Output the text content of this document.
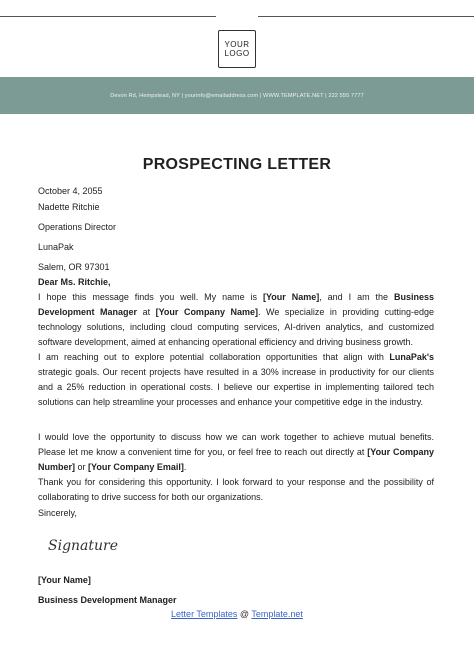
YOUR
LOGO
Devon Rd, Hempstead, NY | yourinfo@emailaddress.com | WWW.TEMPLATE.NET | 222 555 7777
PROSPECTING LETTER
October 4, 2055
Nadette Ritchie
Operations Director
LunaPak
Salem, OR 97301
Dear Ms. Ritchie,
I hope this message finds you well. My name is [Your Name], and I am the Business Development Manager at [Your Company Name]. We specialize in providing cutting-edge technology solutions, including cloud computing services, AI-driven analytics, and customized software development, aimed at enhancing operational efficiency and driving business growth.
I am reaching out to explore potential collaboration opportunities that align with LunaPak's strategic goals. Our recent projects have resulted in a 30% increase in productivity for our clients and a 25% reduction in operational costs. I believe our expertise in implementing tailored tech solutions can help streamline your processes and enhance your competitive edge in the industry.
I would love the opportunity to discuss how we can work together to achieve mutual benefits. Please let me know a convenient time for you, or feel free to reach out directly at [Your Company Number] or [Your Company Email].
Thank you for considering this opportunity. I look forward to your response and the possibility of collaborating to drive success for both our organizations.
Sincerely,
Signature
[Your Name]
Business Development Manager
Letter Templates @ Template.net
